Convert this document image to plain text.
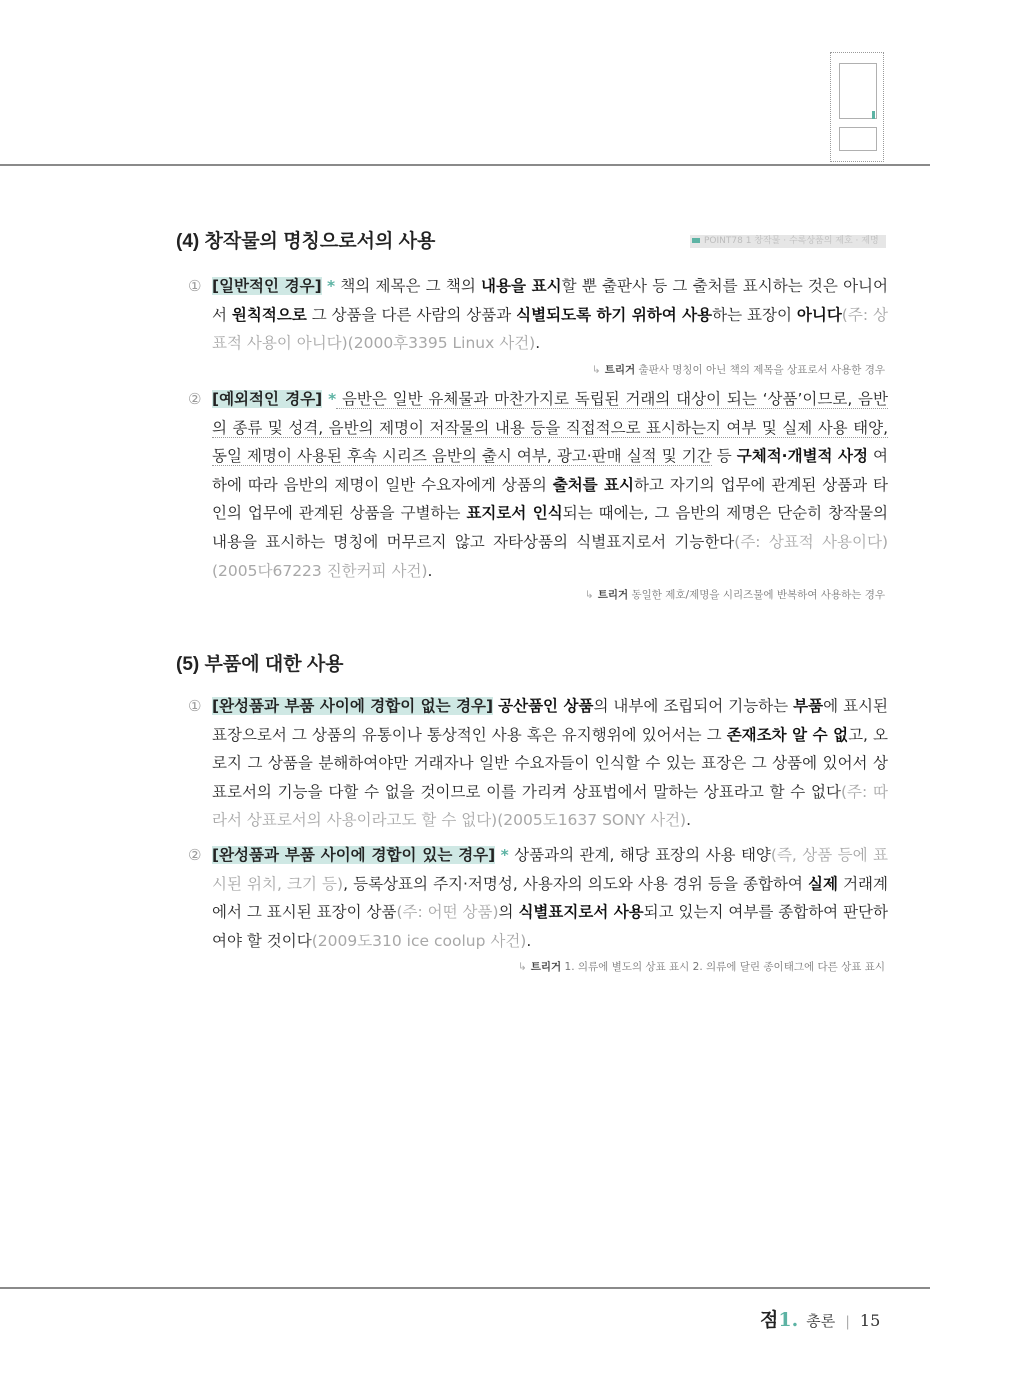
(4) 창작물의 명칭으로서의 사용	POINT78 1 창작물 · 수록상품의 제호 · 제명
① [일반적인 경우] * 책의 제목은 그 책의 내용을 표시할 뿐 출판사 등 그 출처를 표시하는 것은 아니어서 원칙적으로 그 상품을 다른 사람의 상품과 식별되도록 하기 위하여 사용하는 표장이 아니다(주: 상표적 사용이 아니다)(2000후3395 Linux 사건).
↳ 트리거 출판사 명칭이 아닌 책의 제목을 상표로서 사용한 경우
② [예외적인 경우] * 음반은 일반 유체물과 마찬가지로 독립된 거래의 대상이 되는 ‘상품’이므로, 음반의 종류 및 성격, 음반의 제명이 저작물의 내용 등을 직접적으로 표시하는지 여부 및 실제 사용 태양, 동일 제명이 사용된 후속 시리즈 음반의 출시 여부, 광고·판매 실적 및 기간 등 구체적·개별적 사정 여하에 따라 음반의 제명이 일반 수요자에게 상품의 출처를 표시하고 자기의 업무에 관계된 상품과 타인의 업무에 관계된 상품을 구별하는 표지로서 인식되는 때에는, 그 음반의 제명은 단순히 창작물의 내용을 표시하는 명칭에 머무르지 않고 자타상품의 식별표지로서 기능한다(주: 상표적 사용이다)(2005다67223 진한커피 사건).
↳ 트리거 동일한 제호/제명을 시리즈물에 반복하여 사용하는 경우
(5) 부품에 대한 사용
① [완성품과 부품 사이에 경합이 없는 경우] 공산품인 상품의 내부에 조립되어 기능하는 부품에 표시된 표장으로서 그 상품의 유통이나 통상적인 사용 혹은 유지행위에 있어서는 그 존재조차 알 수 없고, 오로지 그 상품을 분해하여야만 거래자나 일반 수요자들이 인식할 수 있는 표장은 그 상품에 있어서 상표로서의 기능을 다할 수 없을 것이므로 이를 가리켜 상표법에서 말하는 상표라고 할 수 없다(주: 따라서 상표로서의 사용이라고도 할 수 없다)(2005도1637 SONY 사건).
② [완성품과 부품 사이에 경합이 있는 경우] * 상품과의 관계, 해당 표장의 사용 태양(즉, 상품 등에 표시된 위치, 크기 등), 등록상표의 주지·저명성, 사용자의 의도와 사용 경위 등을 종합하여 실제 거래계에서 그 표시된 표장이 상품(주: 어떤 상품)의 식별표지로서 사용되고 있는지 여부를 종합하여 판단하여야 할 것이다(2009도310 ice coolup 사건).
↳ 트리거 1. 의류에 별도의 상표 표시 2. 의류에 달린 종이태그에 다른 상표 표시
점1. 총론 | 15
